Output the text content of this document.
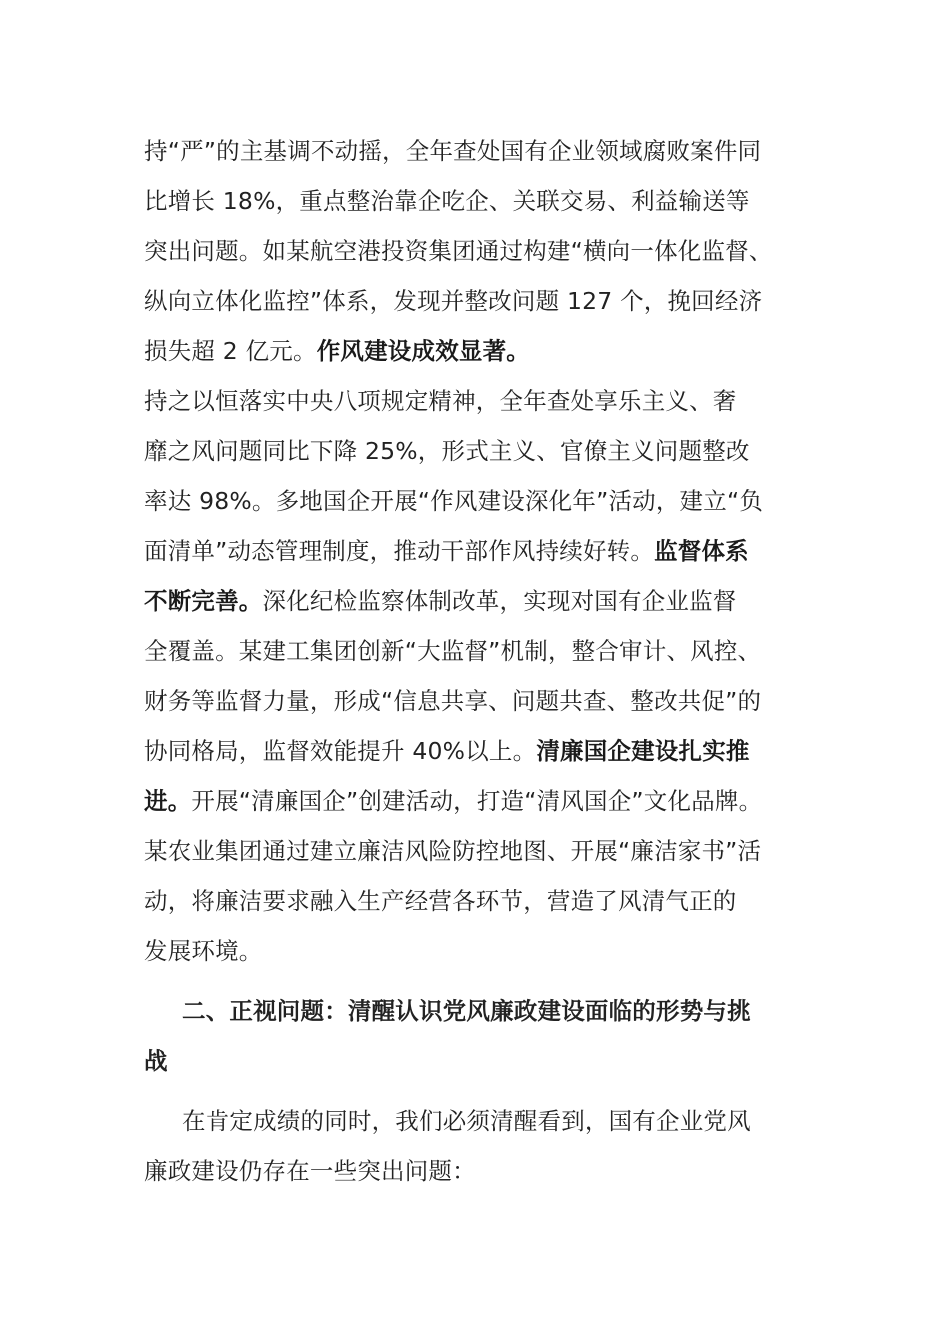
持“严”的主基调不动摇，全年查处国有企业领域腐败案件同
比增长 18%，重点整治靠企吃企、关联交易、利益输送等
突出问题。如某航空港投资集团通过构建“横向一体化监督、
纵向立体化监控”体系，发现并整改问题 127 个，挽回经济
损失超 2 亿元。作风建设成效显著。
持之以恒落实中央八项规定精神，全年查处享乐主义、奢
靡之风问题同比下降 25%，形式主义、官僚主义问题整改
率达 98%。多地国企开展“作风建设深化年”活动，建立“负
面清单”动态管理制度，推动干部作风持续好转。监督体系
不断完善。深化纪检监察体制改革，实现对国有企业监督
全覆盖。某建工集团创新“大监督”机制，整合审计、风控、
财务等监督力量，形成“信息共享、问题共查、整改共促”的
协同格局，监督效能提升 40%以上。清廉国企建设扎实推
进。开展“清廉国企”创建活动，打造“清风国企”文化品牌。
某农业集团通过建立廉洁风险防控地图、开展“廉洁家书”活
动，将廉洁要求融入生产经营各环节，营造了风清气正的
发展环境。
二、正视问题：清醒认识党风廉政建设面临的形势与挑
战
在肯定成绩的同时，我们必须清醒看到，国有企业党风
廉政建设仍存在一些突出问题：
